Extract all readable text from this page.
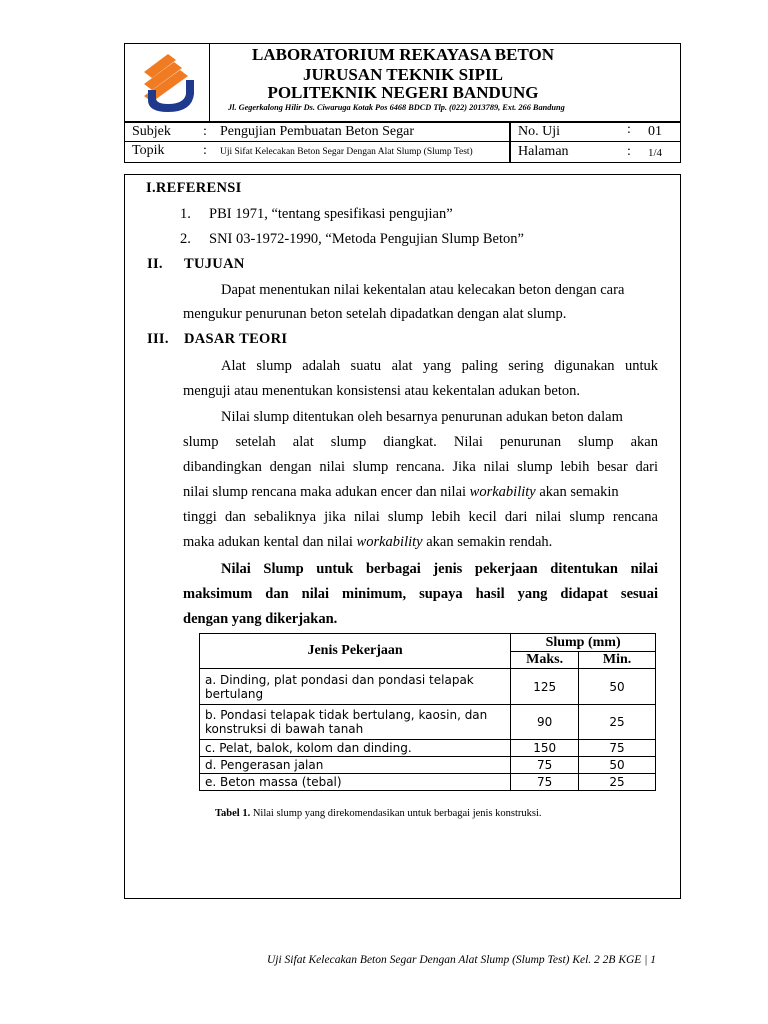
LABORATORIUM REKAYASA BETON
JURUSAN TEKNIK SIPIL
POLITEKNIK NEGERI BANDUNG
Jl. Gegerkalong Hilir Ds. Ciwaruga Kotak Pos 6468 BDCD Tlp. (022) 2013789, Ext. 266 Bandung
Subjek : Pengujian Pembuatan Beton Segar
Topik	: Uji Sifat Kelecakan Beton Segar Dengan Alat Slump (Slump Test)
No. Uji	: 01
Halaman	: 1/4
I.REFERENSI
1. PBI 1971, “tentang spesifikasi pengujian”
2. SNI 03-1972-1990, “Metoda Pengujian Slump Beton”
II. TUJUAN
Dapat menentukan nilai kekentalan atau kelecakan beton dengan cara
mengukur penurunan beton setelah dipadatkan dengan alat slump.
III. DASAR TEORI
Alat slump adalah suatu alat yang paling sering digunakan untuk
menguji atau menentukan konsistensi atau kekentalan adukan beton.
Nilai slump ditentukan oleh besarnya penurunan adukan beton dalam
slump setelah alat slump diangkat. Nilai penurunan slump akan
dibandingkan dengan nilai slump rencana. Jika nilai slump lebih besar dari
nilai slump rencana maka adukan encer dan nilai workability akan semakin
tinggi dan sebaliknya jika nilai slump lebih kecil dari nilai slump rencana
maka adukan kental dan nilai workability akan semakin rendah.
Nilai Slump untuk berbagai jenis pekerjaan ditentukan nilai
maksimum dan nilai minimum, supaya hasil yang didapat sesuai
dengan yang dikerjakan.
Jenis Pekerjaan	Slump (mm)	
	Maks.	Min.
a. Dinding, plat pondasi dan pondasi telapak bertulang	125	50
b. Pondasi telapak tidak bertulang, kaosin, dan konstruksi di bawah tanah	90	25
c. Pelat, balok, kolom dan dinding.	150	75
d. Pengerasan jalan	75	50
e. Beton massa (tebal)	75	25
Tabel 1. Nilai slump yang direkomendasikan untuk berbagai jenis konstruksi.
Uji Sifat Kelecakan Beton Segar Dengan Alat Slump (Slump Test) Kel. 2 2B KGE | 1
